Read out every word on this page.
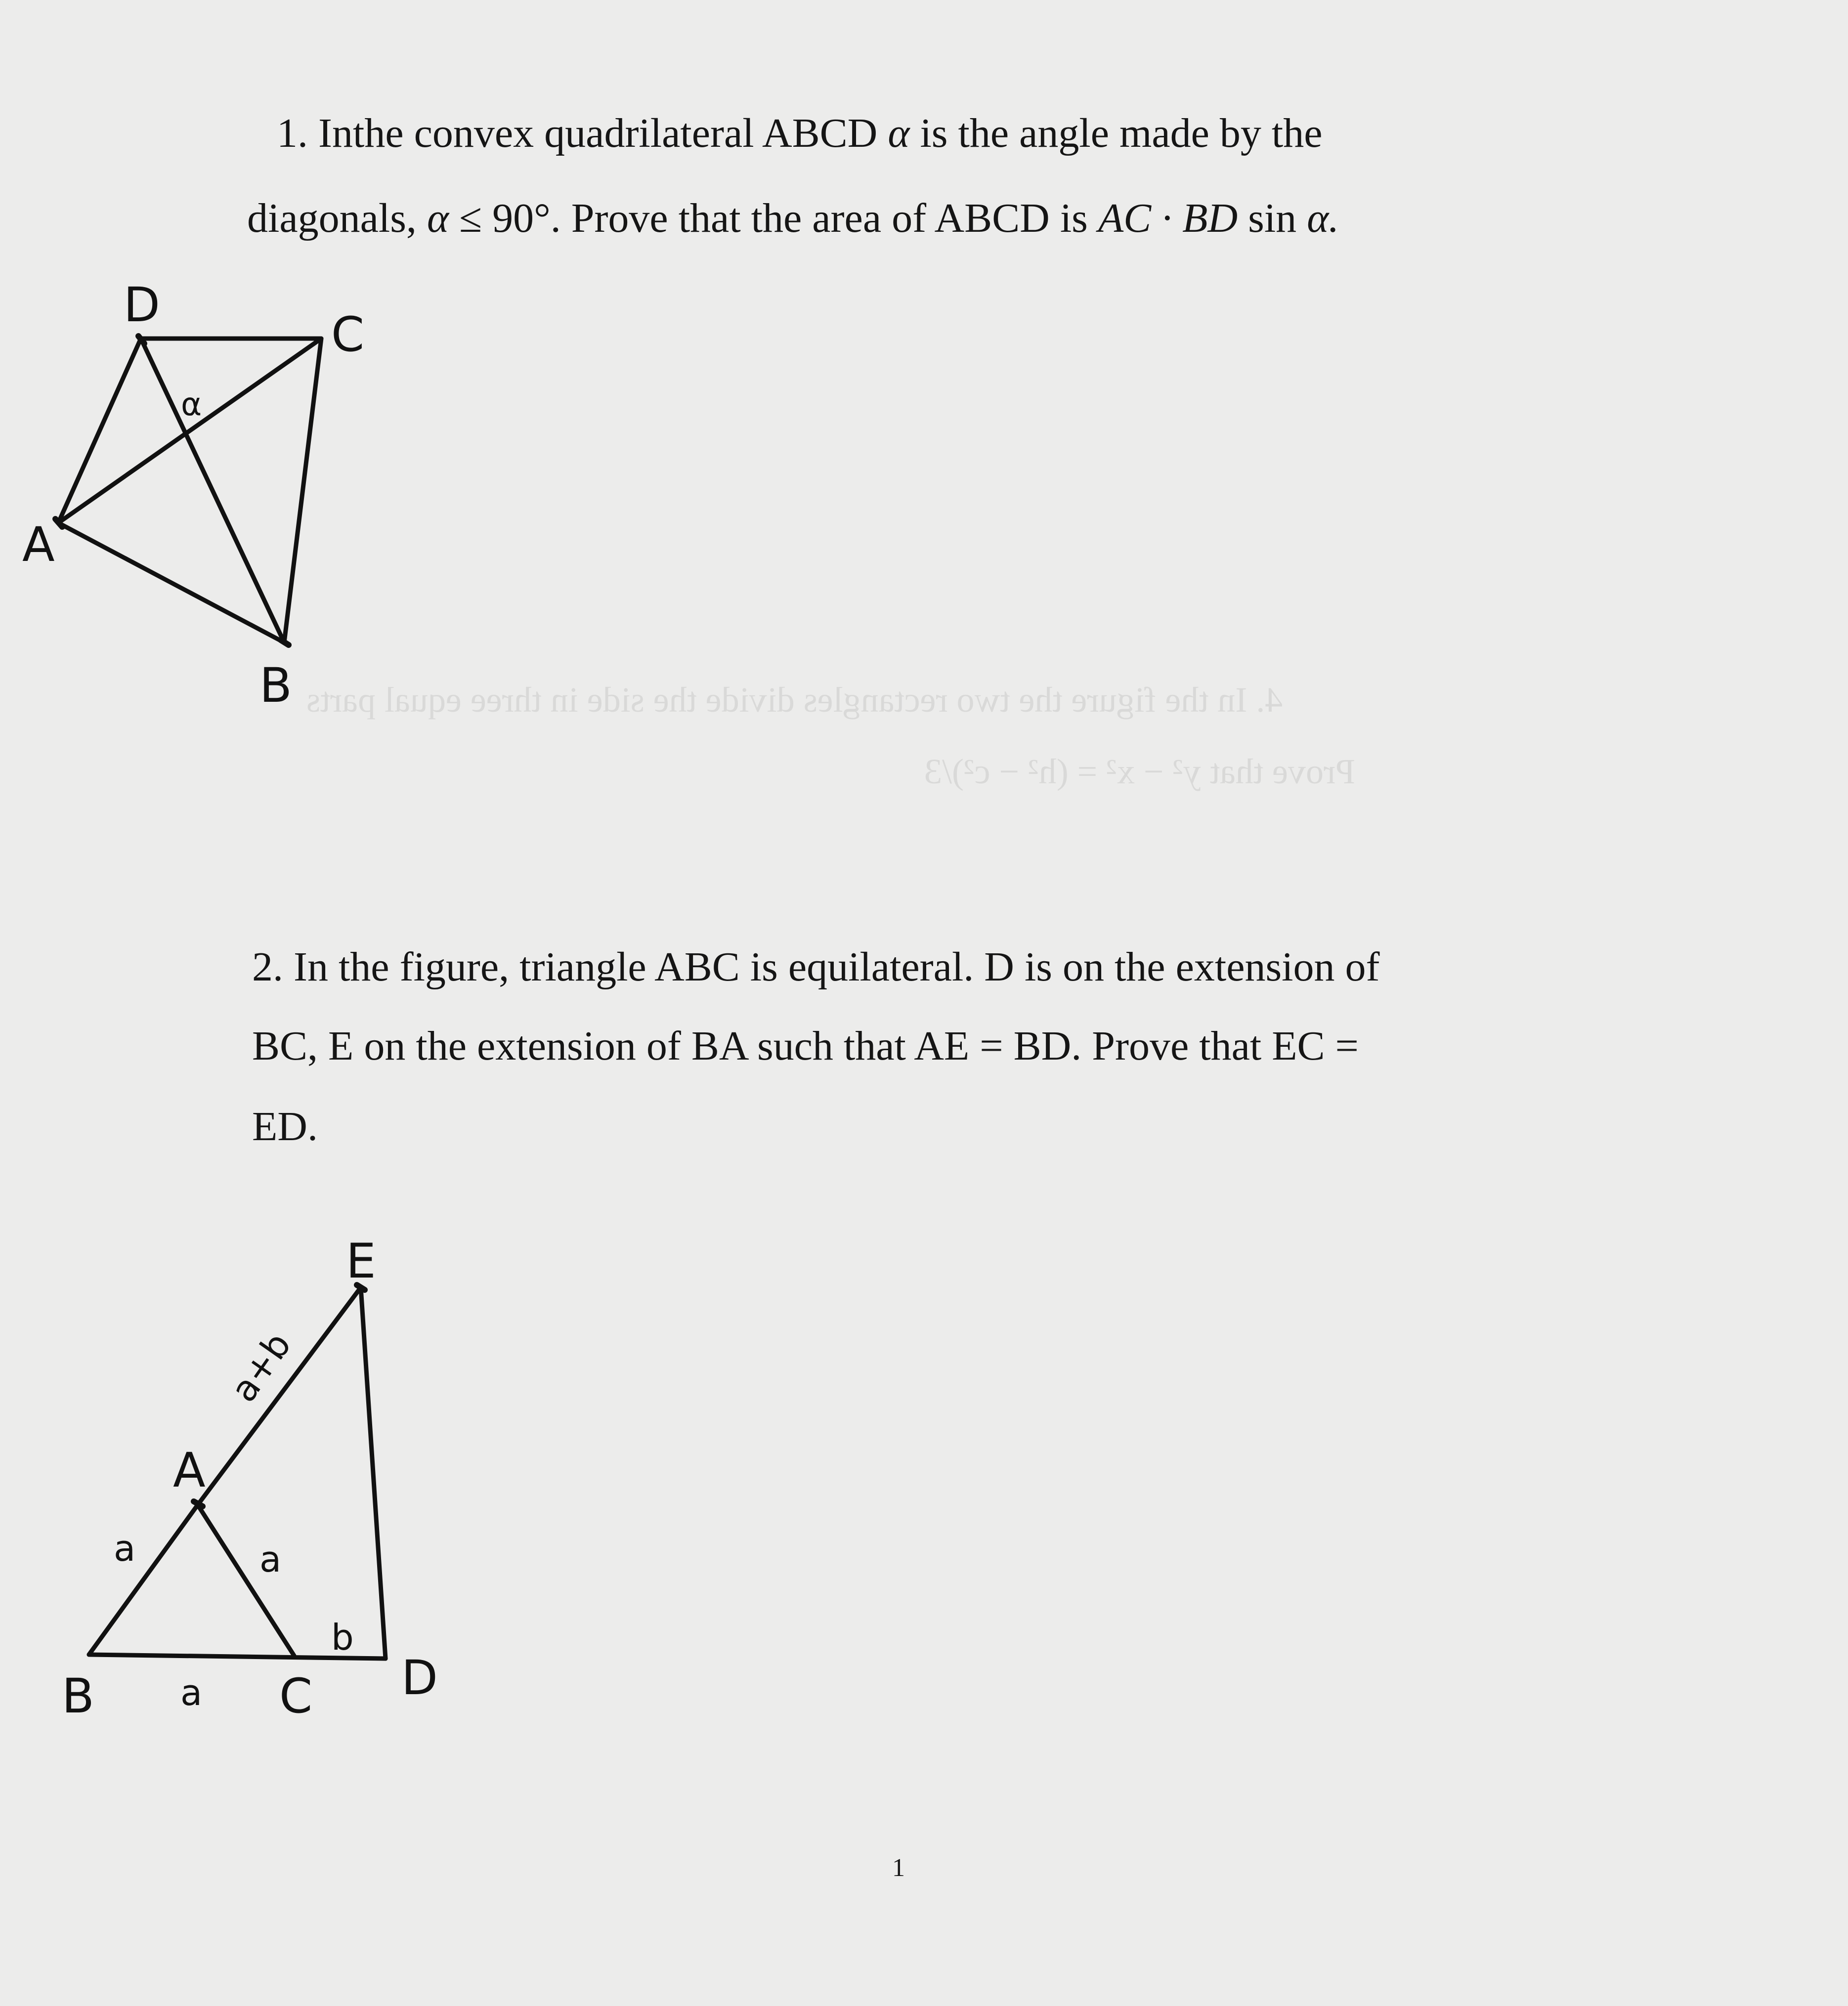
1. Inthe convex quadrilateral ABCD α is the angle made by the
diagonals, α ≤ 90°. Prove that the area of ABCD is AC · BD sin α.
2. In the figure, triangle ABC is equilateral. D is on the extension of
BC, E on the extension of BA such that AE = BD. Prove that EC =
ED.
4. In the figure the two rectangles divide the side in three equal parts
Prove that y² − x² = (h² − c²)/3
D
C
A
B
α
E
A
B	C D
a	a
a
b
a+b
1
